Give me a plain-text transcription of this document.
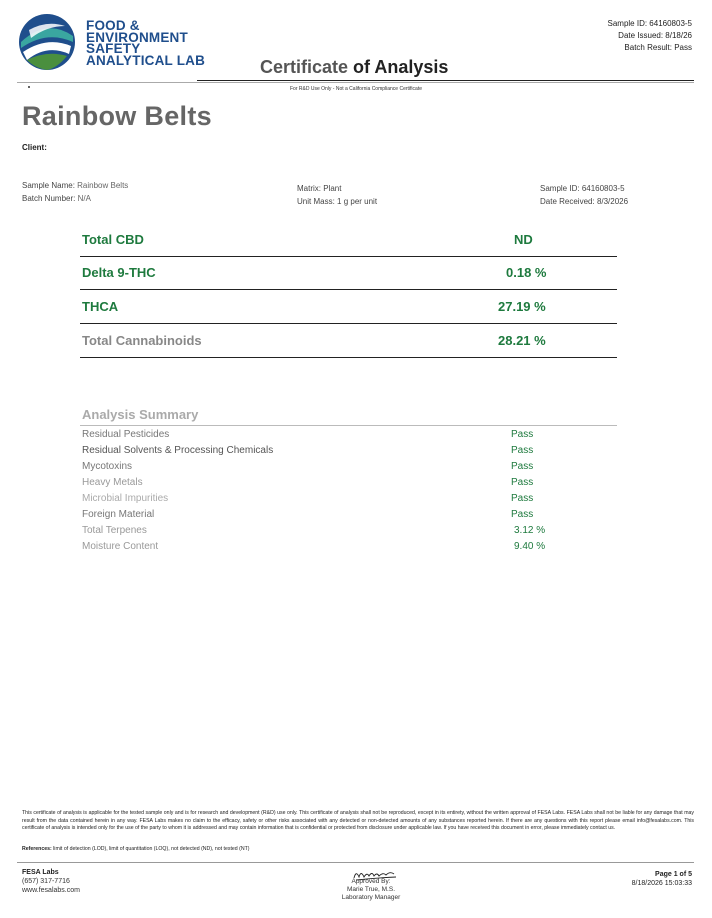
FOOD &
ENVIRONMENT
SAFETY
ANALYTICAL LAB
Sample ID: 64160803-5
Date Issued: 8/18/26
Batch Result: Pass
Certificate of Analysis
For R&D Use Only - Not a California Compliance Certificate
Rainbow Belts
Client:
Sample Name: Rainbow Belts
Batch Number: N/A
Matrix: Plant
Unit Mass: 1 g per unit
Sample ID: 64160803-5
Date Received: 8/3/2026
Total CBD	ND
Delta 9-THC	0.18 %
THCA	27.19 %
Total Cannabinoids	28.21 %
Analysis Summary
Residual Pesticides	Pass
Residual Solvents & Processing Chemicals	Pass
Mycotoxins	Pass
Heavy Metals	Pass
Microbial Impurities	Pass
Foreign Material	Pass
Total Terpenes	3.12 %
Moisture Content	9.40 %
This certificate of analysis is applicable for the tested sample only and is for research and development (R&D) use only. This certificate of analysis shall not be reproduced, except in its entirety, without the written approval of FESA Labs. FESA Labs shall not be liable for any damage that may result from the data contained herein in any way. FESA Labs makes no claim to the efficacy, safety or other risks associated with any detected or non-detected amounts of any substances reported herein. If there are any questions with this report please email info@fesalabs.com. This certificate of analysis is intended only for the use of the party to whom it is addressed and may contain information that is confidential or protected from disclosure under applicable law. If you have received this document in error, please immediately contact us.
References: limit of detection (LOD), limit of quantitation (LOQ), not detected (ND), not tested (NT)
FESA Labs
(657) 317-7716
www.fesalabs.com
Approved By:
Marie True, M.S.
Laboratory Manager
Page 1 of 5
8/18/2026 15:03:33
